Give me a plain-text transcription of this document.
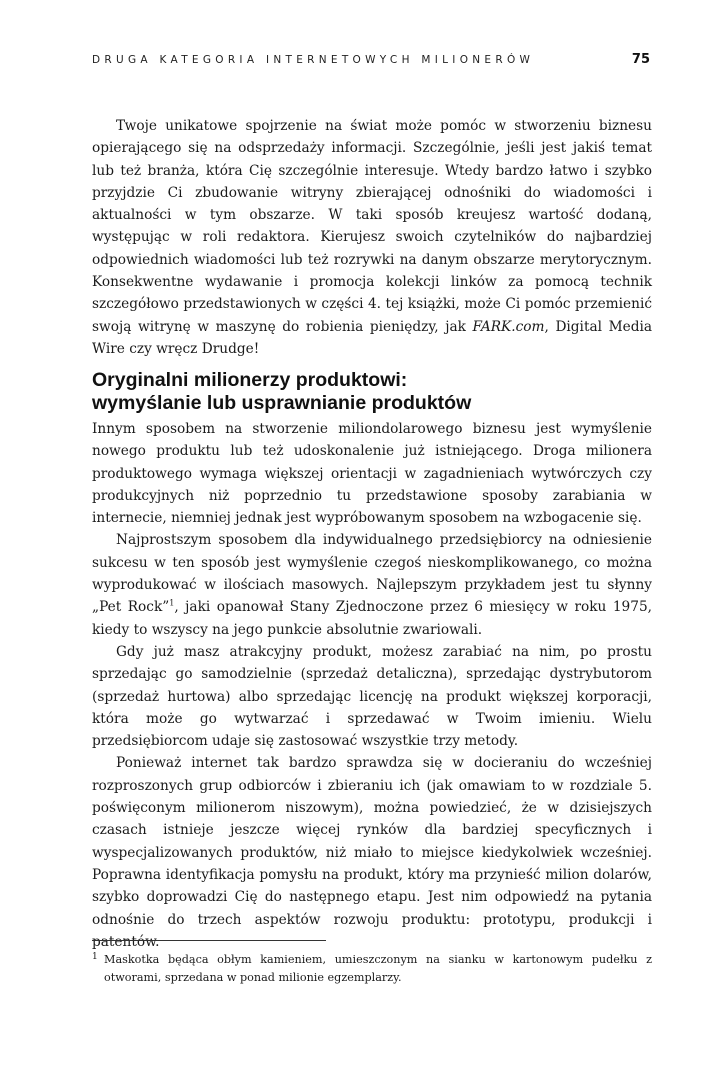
DRUGA KATEGORIA INTERNETOWYCH MILIONERÓW	75

Twoje unikatowe spojrzenie na świat może pomóc w stworzeniu biznesu opierającego się na odsprzedaży informacji. Szczególnie, jeśli jest jakiś temat lub też branża, która Cię szczególnie interesuje. Wtedy bardzo łatwo i szybko przyjdzie Ci zbudowanie witryny zbierającej odnośniki do wiadomości i aktualności w tym obszarze. W taki sposób kreujesz wartość dodaną, występując w roli redaktora. Kierujesz swoich czytelników do najbardziej odpowiednich wiadomości lub też rozrywki na danym obszarze merytorycznym. Konsekwentne wydawanie i promocja kolekcji linków za pomocą technik szczegółowo przedstawionych w części 4. tej książki, może Ci pomóc przemienić swoją witrynę w maszynę do robienia pieniędzy, jak FARK.com, Digital Media Wire czy wręcz Drudge!

Oryginalni milionerzy produktowi:
wymyślanie lub usprawnianie produktów

Innym sposobem na stworzenie miliondolarowego biznesu jest wymyślenie nowego produktu lub też udoskonalenie już istniejącego. Droga milionera produktowego wymaga większej orientacji w zagadnieniach wytwórczych czy produkcyjnych niż poprzednio tu przedstawione sposoby zarabiania w internecie, niemniej jednak jest wypróbowanym sposobem na wzbogacenie się.

Najprostszym sposobem dla indywidualnego przedsiębiorcy na odniesienie sukcesu w ten sposób jest wymyślenie czegoś nieskomplikowanego, co można wyprodukować w ilościach masowych. Najlepszym przykładem jest tu słynny „Pet Rock”$^1$, jaki opanował Stany Zjednoczone przez 6 miesięcy w roku 1975, kiedy to wszyscy na jego punkcie absolutnie zwariowali.

Gdy już masz atrakcyjny produkt, możesz zarabiać na nim, po prostu sprzedając go samodzielnie (sprzedaż detaliczna), sprzedając dystrybutorom (sprzedaż hurtowa) albo sprzedając licencję na produkt większej korporacji, która może go wytwarzać i sprzedawać w Twoim imieniu. Wielu przedsiębiorcom udaje się zastosować wszystkie trzy metody.

Ponieważ internet tak bardzo sprawdza się w docieraniu do wcześniej rozproszonych grup odbiorców i zbieraniu ich (jak omawiam to w rozdziale 5. poświęconym milionerom niszowym), można powiedzieć, że w dzisiejszych czasach istnieje jeszcze więcej rynków dla bardziej specyficznych i wyspecjalizowanych produktów, niż miało to miejsce kiedykolwiek wcześniej. Poprawna identyfikacja pomysłu na produkt, który ma przynieść milion dolarów, szybko doprowadzi Cię do następnego etapu. Jest nim odpowiedź na pytania odnośnie do trzech aspektów rozwoju produktu: prototypu, produkcji i patentów.

1 Maskotka będąca obłym kamieniem, umieszczonym na sianku w kartonowym pudełku z otworami, sprzedana w ponad milionie egzemplarzy.
